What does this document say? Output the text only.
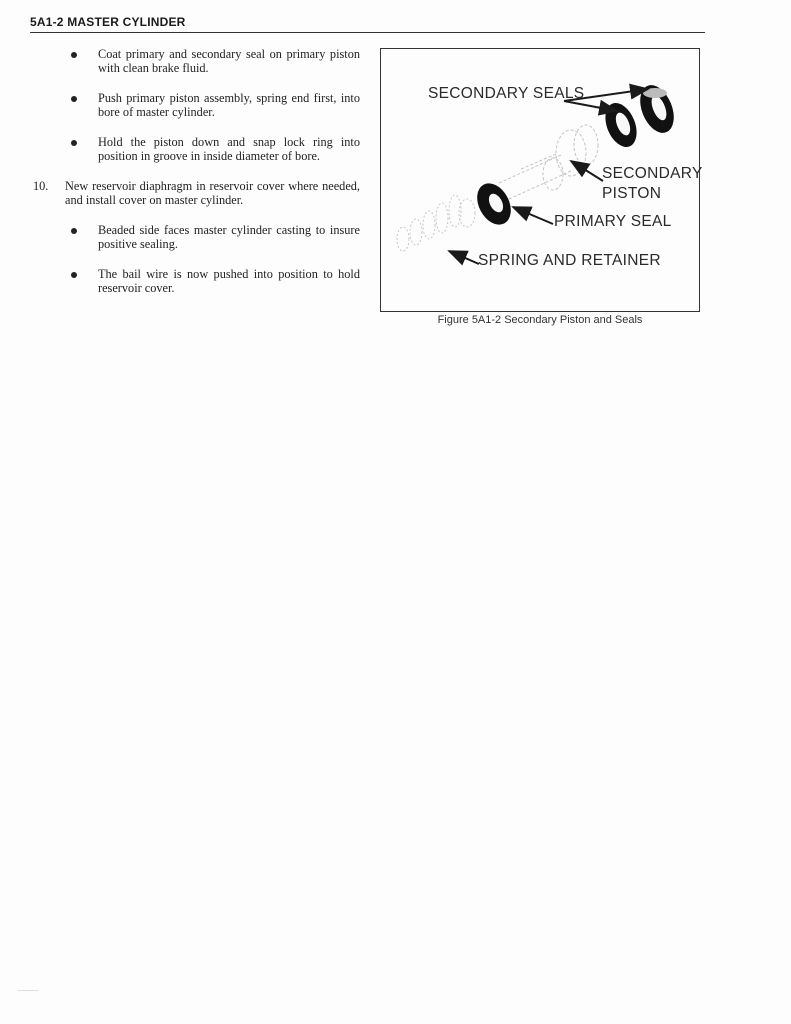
5A1-2 MASTER CYLINDER
Coat primary and secondary seal on primary piston with clean brake fluid.
Push primary piston assembly, spring end first, into bore of master cylinder.
Hold the piston down and snap lock ring into position in groove in inside diameter of bore.
10. New reservoir diaphragm in reservoir cover where needed, and install cover on master cylinder.
Beaded side faces master cylinder casting to insure positive sealing.
The bail wire is now pushed into position to hold reservoir cover.
SECONDARY SEALS
SECONDARY
PISTON
PRIMARY SEAL
SPRING AND RETAINER
Figure 5A1-2 Secondary Piston and Seals
